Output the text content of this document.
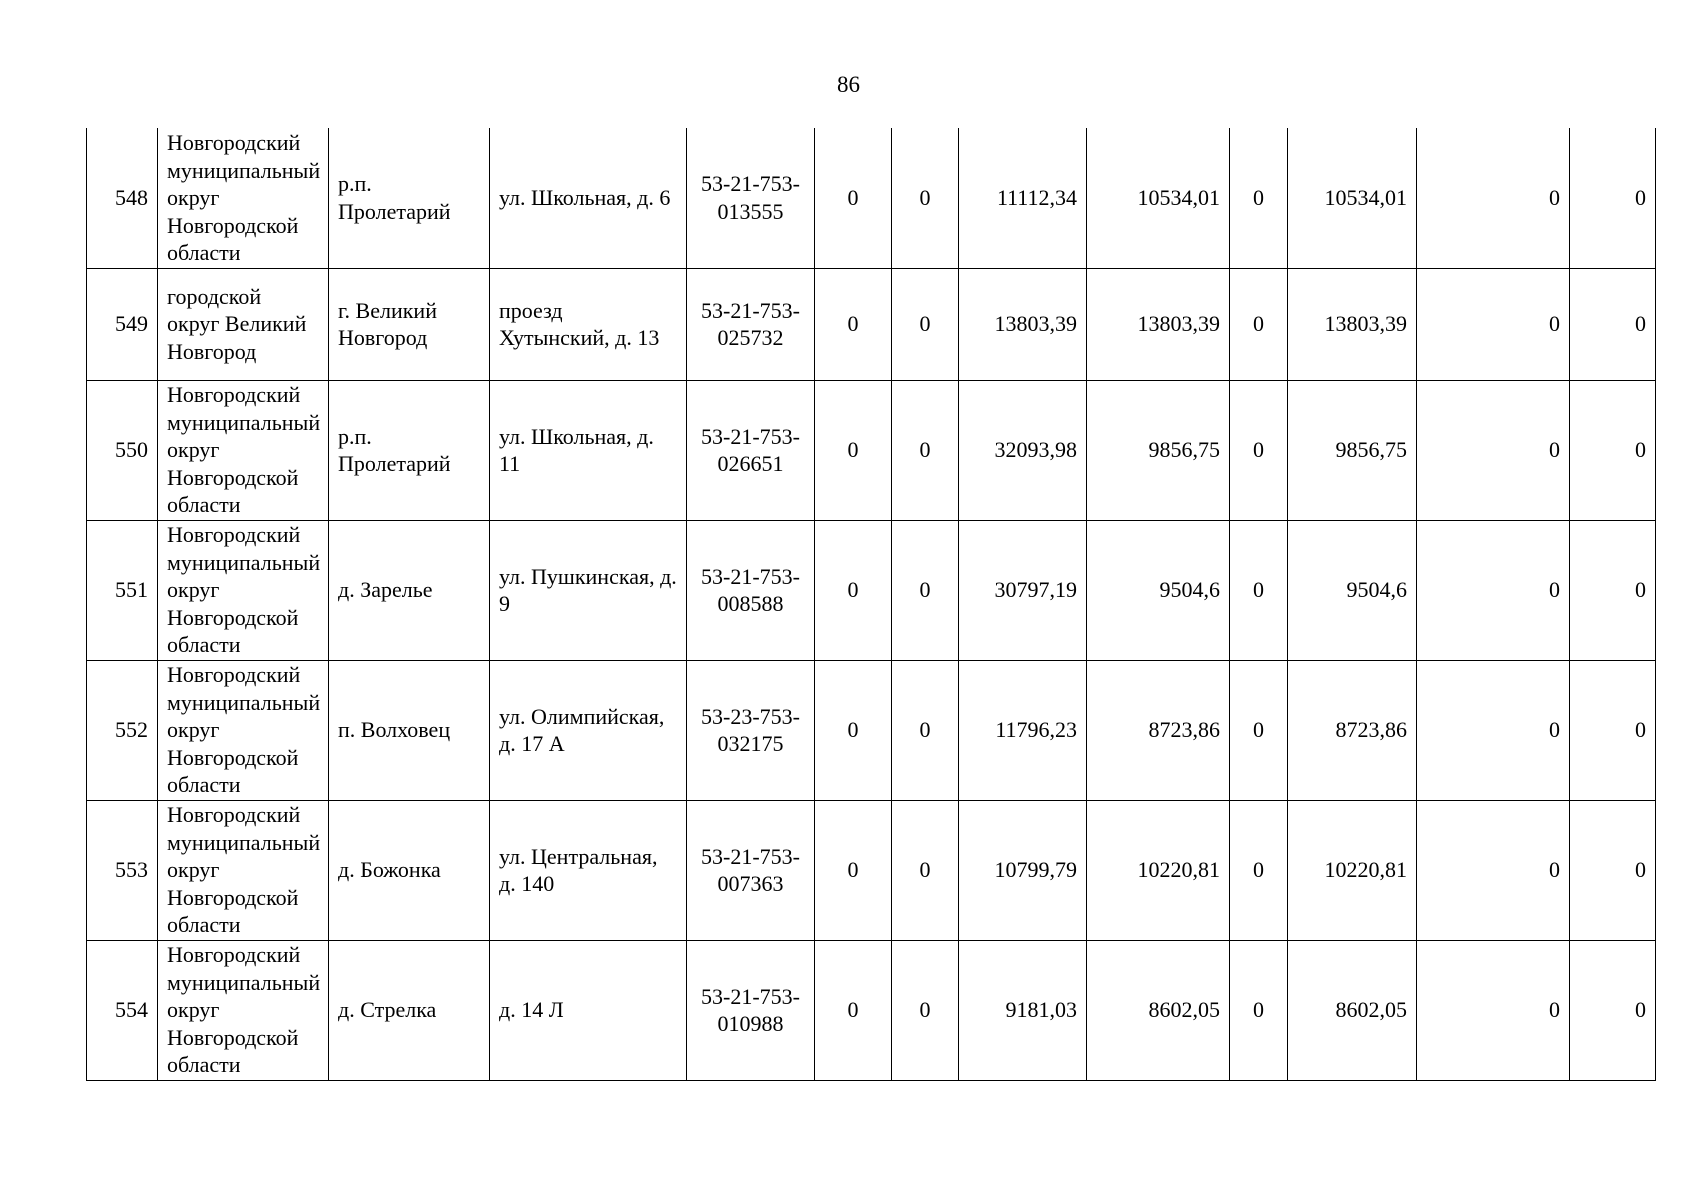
86
548	Новгородский муниципальный округ Новгородской области	р.п. Пролетарий	ул. Школьная, д. 6	53-21-753-013555	0	0	11112,34	10534,01	0	10534,01	0	0
549	городской округ Великий Новгород	г. Великий Новгород	проезд Хутынский, д. 13	53-21-753-025732	0	0	13803,39	13803,39	0	13803,39	0	0
550	Новгородский муниципальный округ Новгородской области	р.п. Пролетарий	ул. Школьная, д. 11	53-21-753-026651	0	0	32093,98	9856,75	0	9856,75	0	0
551	Новгородский муниципальный округ Новгородской области	д. Зарелье	ул. Пушкинская, д. 9	53-21-753-008588	0	0	30797,19	9504,6	0	9504,6	0	0
552	Новгородский муниципальный округ Новгородской области	п. Волховец	ул. Олимпийская, д. 17 А	53-23-753-032175	0	0	11796,23	8723,86	0	8723,86	0	0
553	Новгородский муниципальный округ Новгородской области	д. Божонка	ул. Центральная, д. 140	53-21-753-007363	0	0	10799,79	10220,81	0	10220,81	0	0
554	Новгородский муниципальный округ Новгородской области	д. Стрелка	д. 14 Л	53-21-753-010988	0	0	9181,03	8602,05	0	8602,05	0	0
